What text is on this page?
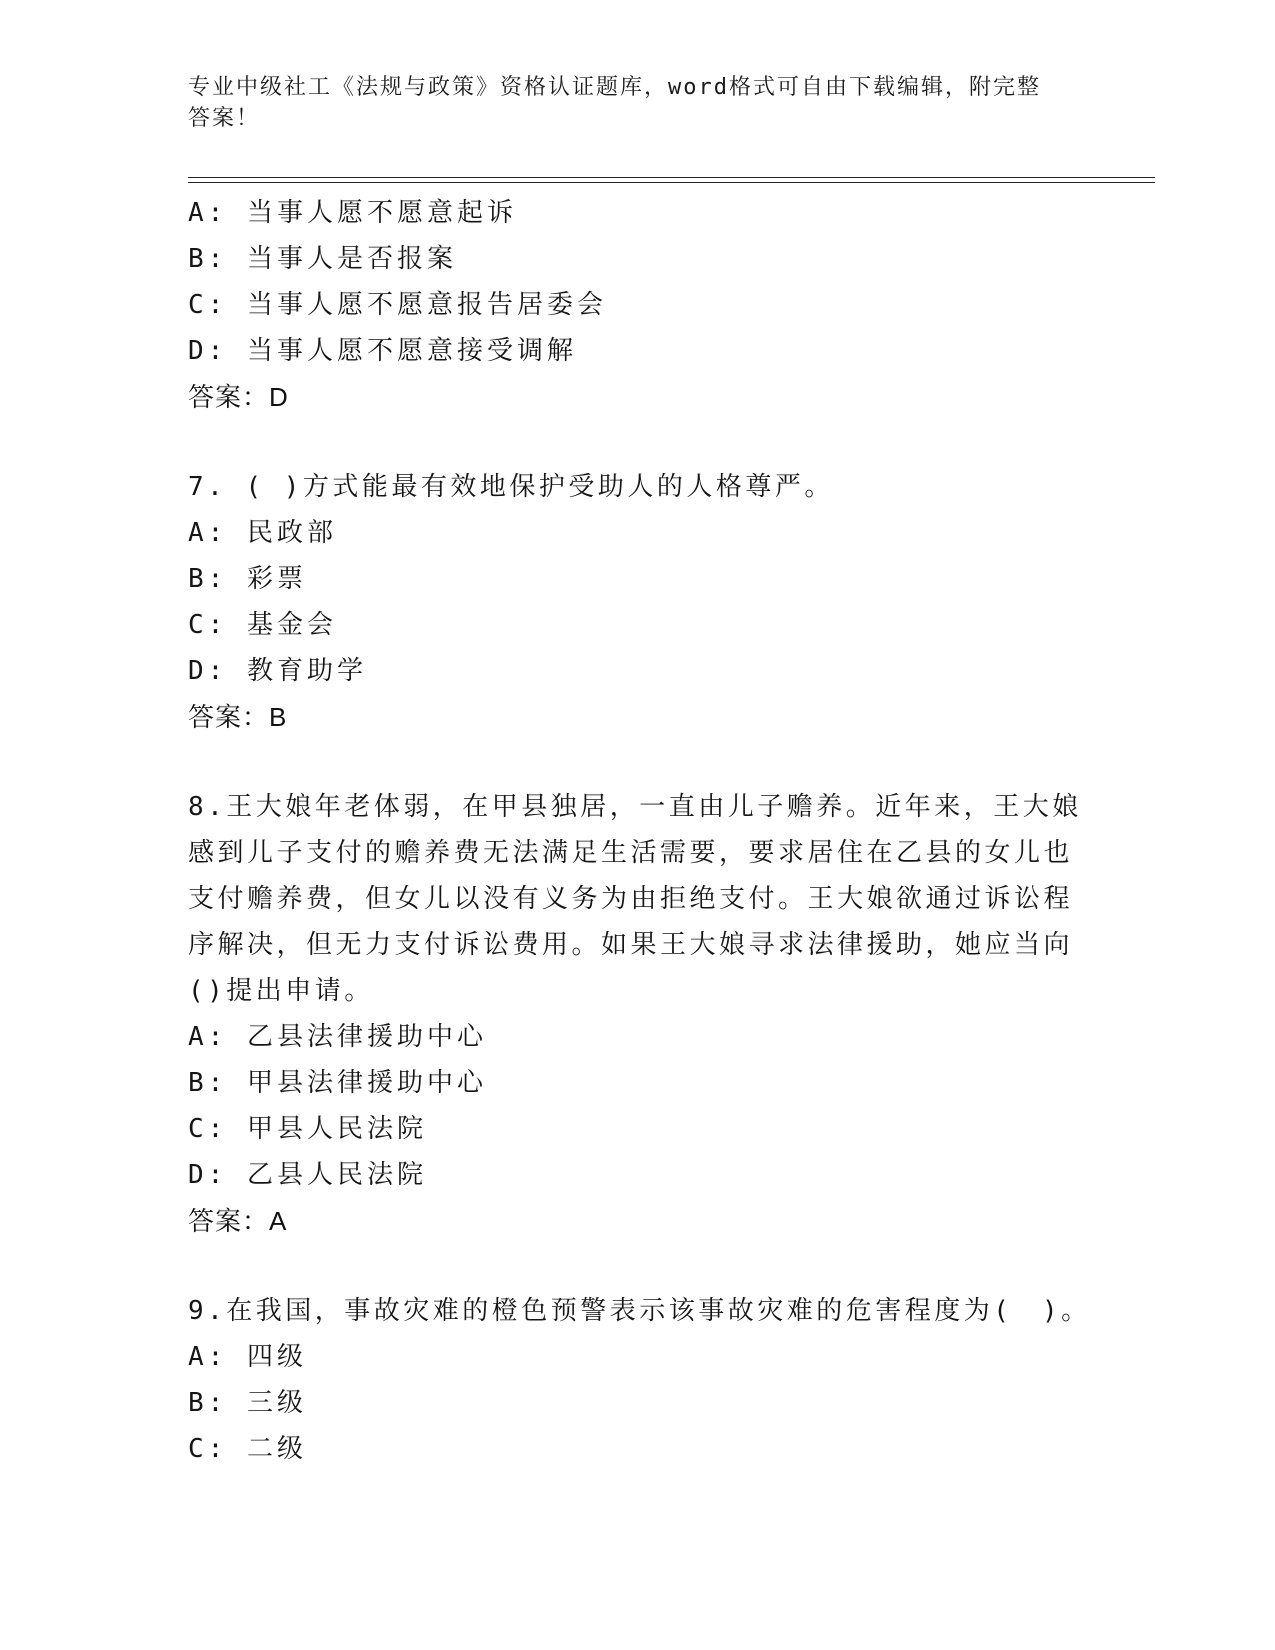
专业中级社工《法规与政策》资格认证题库，word格式可自由下载编辑，附完整
答案！
A: 当事人愿不愿意起诉
B: 当事人是否报案
C: 当事人愿不愿意报告居委会
D: 当事人愿不愿意接受调解
答案：D
7. ( )方式能最有效地保护受助人的人格尊严。
A: 民政部
B: 彩票
C: 基金会
D: 教育助学
答案：B
8.王大娘年老体弱，在甲县独居，一直由儿子赡养。近年来，王大娘
感到儿子支付的赡养费无法满足生活需要，要求居住在乙县的女儿也
支付赡养费，但女儿以没有义务为由拒绝支付。王大娘欲通过诉讼程
序解决，但无力支付诉讼费用。如果王大娘寻求法律援助，她应当向
()提出申请。
A: 乙县法律援助中心
B: 甲县法律援助中心
C: 甲县人民法院
D: 乙县人民法院
答案：A
9.在我国，事故灾难的橙色预警表示该事故灾难的危害程度为(　)。
A: 四级
B: 三级
C: 二级
